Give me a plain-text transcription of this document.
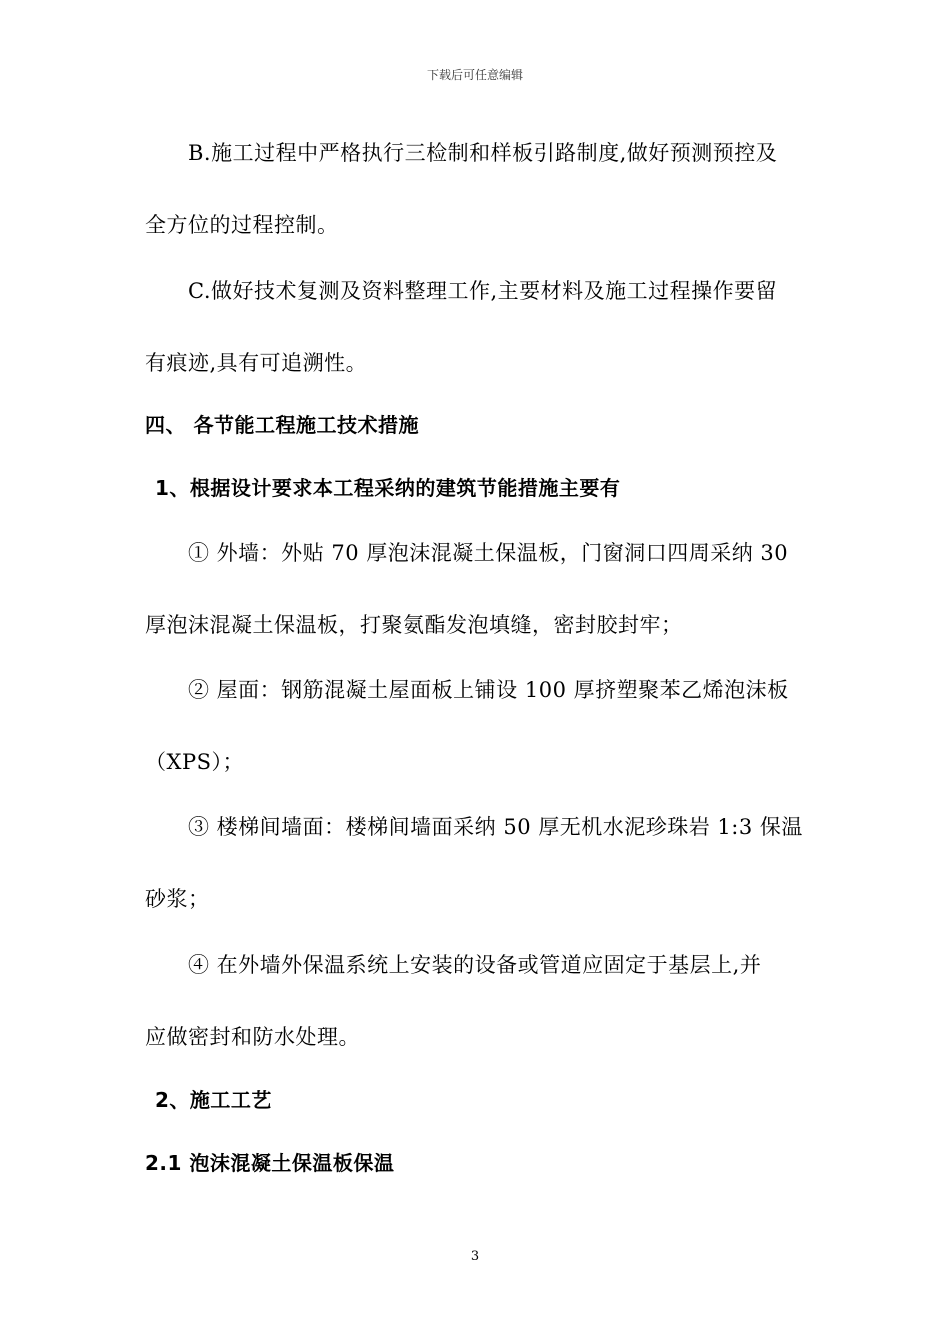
下载后可任意编辑
B.施工过程中严格执行三检制和样板引路制度,做好预测预控及
全方位的过程控制。
C.做好技术复测及资料整理工作,主要材料及施工过程操作要留
有痕迹,具有可追溯性。
四、 各节能工程施工技术措施
1、根据设计要求本工程采纳的建筑节能措施主要有
① 外墙：外贴 70 厚泡沫混凝土保温板，门窗洞口四周采纳 30
厚泡沫混凝土保温板，打聚氨酯发泡填缝，密封胶封牢；
② 屋面：钢筋混凝土屋面板上铺设 100 厚挤塑聚苯乙烯泡沫板
（XPS）；
③ 楼梯间墙面：楼梯间墙面采纳 50 厚无机水泥珍珠岩 1:3 保温
砂浆；
④ 在外墙外保温系统上安装的设备或管道应固定于基层上,并
应做密封和防水处理。
2、施工工艺
2.1 泡沫混凝土保温板保温
3
